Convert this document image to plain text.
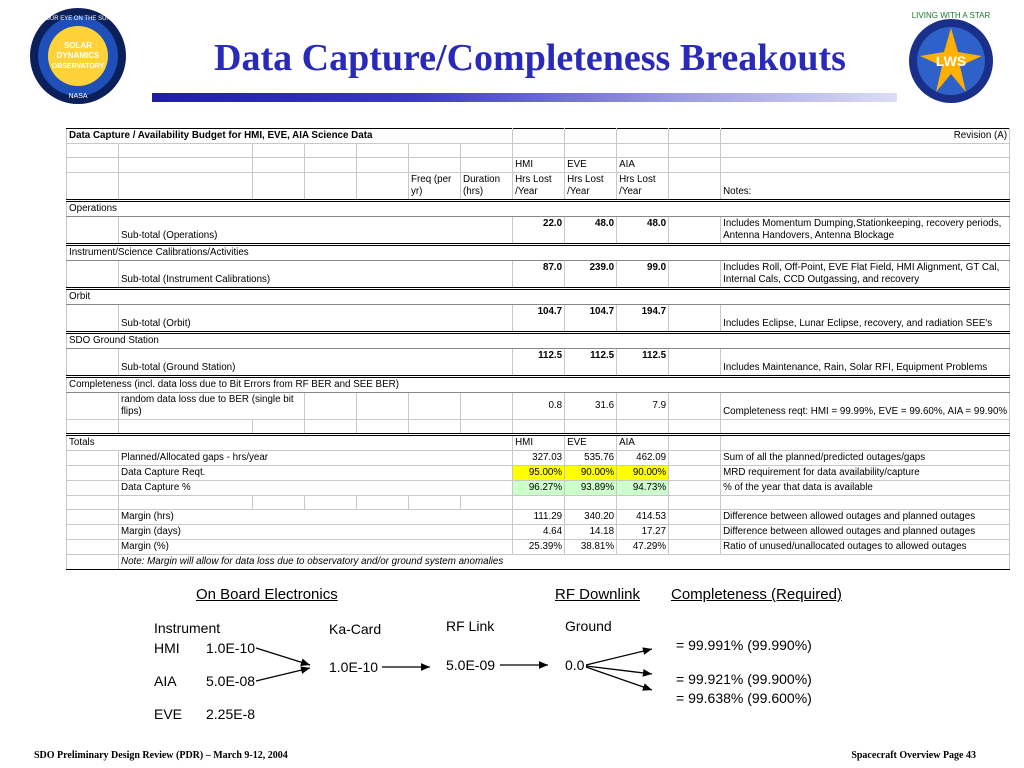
OUR EYE ON THE SUN
SOLAR
DYNAMICS
OBSERVATORY
NASA
LIVING WITH A STAR
LWS
Data Capture/Completeness Breakouts
Data Capture / Availability Budget for HMI, EVE, AIA Science Data											Revision (A)

							HMI	EVE	AIA		
					Freq (per yr)	Duration (hrs)	Hrs Lost /Year	Hrs Lost /Year	Hrs Lost /Year		Notes:
Operations											
	Sub-total (Operations)						22.0	48.0	48.0		Includes Momentum Dumping,Stationkeeping, recovery periods, Antenna Handovers, Antenna Blockage
Instrument/Science Calibrations/Activities											
	Sub-total (Instrument Calibrations)						87.0	239.0	99.0		Includes Roll, Off-Point, EVE Flat Field, HMI Alignment, GT Cal, Internal Cals, CCD Outgassing, and recovery
Orbit											
	Sub-total (Orbit)						104.7	104.7	194.7		Includes Eclipse, Lunar Eclipse, recovery, and radiation SEE's
SDO Ground Station											
	Sub-total (Ground Station)						112.5	112.5	112.5		Includes Maintenance, Rain, Solar RFI, Equipment Problems
Completeness (incl. data loss due to Bit Errors from RF BER and SEE BER)											
	random data loss due to BER (single bit flips)						0.8	31.6	7.9		Completeness reqt: HMI = 99.99%, EVE = 99.60%, AIA = 99.90%

Totals							HMI	EVE	AIA		
	Planned/Allocated gaps - hrs/year						327.03	535.76	462.09		Sum of all the planned/predicted outages/gaps
	Data Capture Reqt.						95.00%	90.00%	90.00%		MRD requirement for data availability/capture
	Data Capture %						96.27%	93.89%	94.73%		% of the year that data is available

	Margin (hrs)						111.29	340.20	414.53		Difference between allowed outages and planned outages
	Margin (days)						4.64	14.18	17.27		Difference between allowed outages and planned outages
	Margin (%)						25.39%	38.81%	47.29%		Ratio of unused/unallocated outages to allowed outages
	Note: Margin will allow for data loss due to observatory and/or ground system anomalies										
On Board Electronics	RF Downlink Completeness (Required)
Instrument	Ka-Card	RF Link	Ground
HMI 1.0E-10
AIA 5.0E-08
EVE 2.25E-8
1.0E-10	5.0E-09	0.0
= 99.991% (99.990%)
= 99.921% (99.900%)
= 99.638% (99.600%)
SDO Preliminary Design Review (PDR) – March 9-12, 2004	Spacecraft Overview Page 43
